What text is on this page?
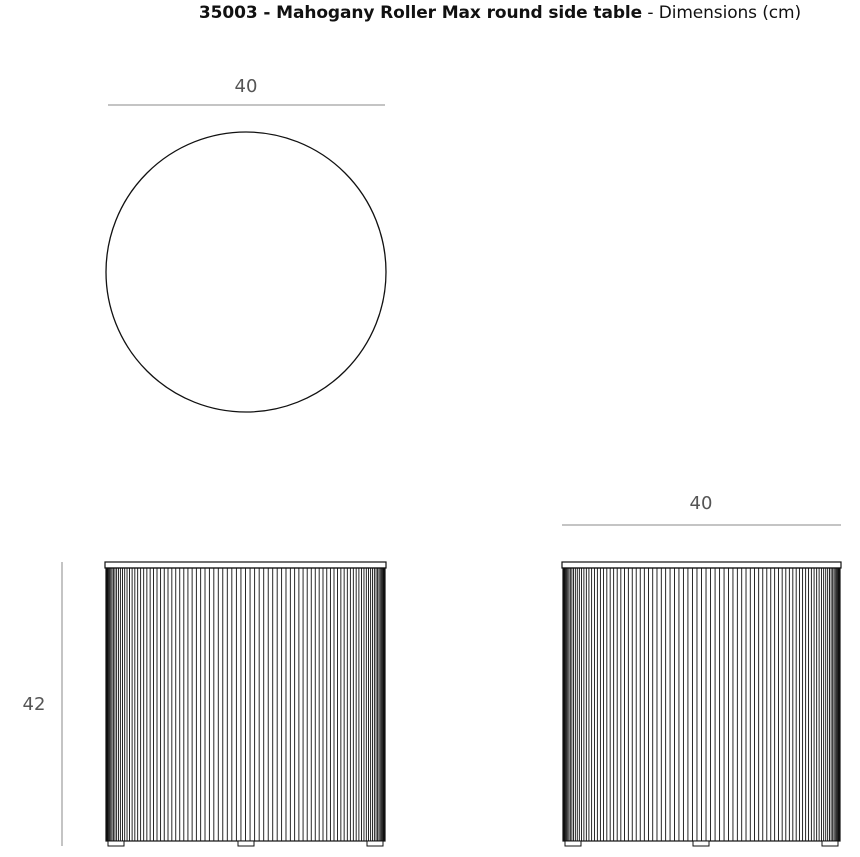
35003 - Mahogany Roller Max round side table - Dimensions (cm)
40
40
42
